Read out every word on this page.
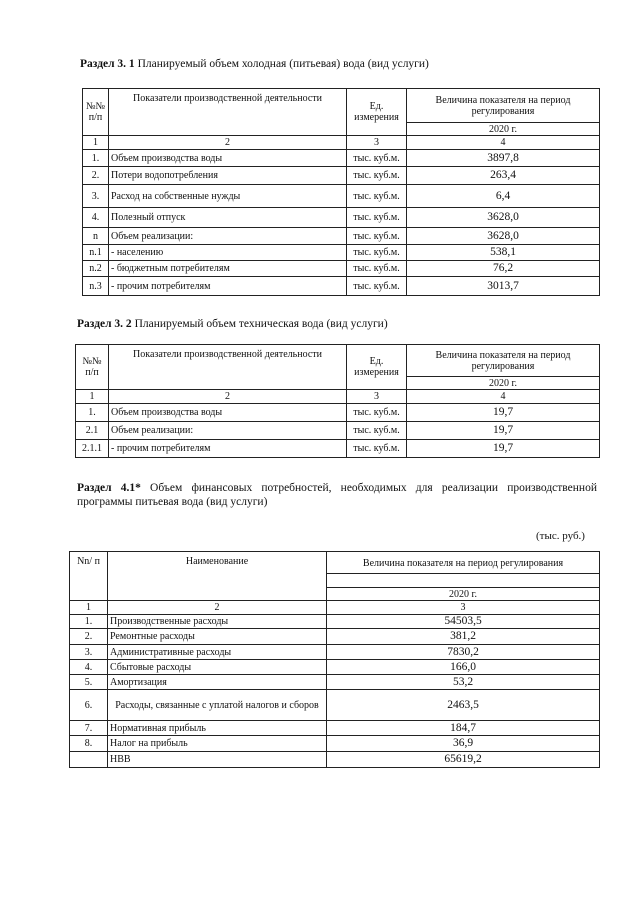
Раздел 3. 1 Планируемый объем холодная (питьевая) вода (вид услуги)
№№ п/п	Показатели производственной деятельности	Ед. измерения	Величина показателя на период регулирования
			2020 г.
1	2	3	4
1.	Объем производства воды	тыс. куб.м.	3897,8
2.	Потери водопотребления	тыс. куб.м.	263,4
3.	Расход на собственные нужды	тыс. куб.м.	6,4
4.	Полезный отпуск	тыс. куб.м.	3628,0
n	Объем реализации:	тыс. куб.м.	3628,0
n.1	- населению	тыс. куб.м.	538,1
n.2	- бюджетным потребителям	тыс. куб.м.	76,2
n.3	- прочим потребителям	тыс. куб.м.	3013,7
Раздел 3. 2 Планируемый объем техническая вода (вид услуги)
№№ п/п	Показатели производственной деятельности	Ед. измерения	Величина показателя на период регулирования
			2020 г.
1	2	3	4
1.	Объем производства воды	тыс. куб.м.	19,7
2.1	Объем реализации:	тыс. куб.м.	19,7
2.1.1	- прочим потребителям	тыс. куб.м.	19,7
Раздел 4.1* Объем финансовых потребностей, необходимых для реализации производственной программы питьевая вода (вид услуги)
(тыс. руб.)
Nn/ п	Наименование	Величина показателя на период регулирования

		2020 г.
1	2	3
1.	Производственные расходы	54503,5
2.	Ремонтные расходы	381,2
3.	Административные расходы	7830,2
4.	Сбытовые расходы	166,0
5.	Амортизация	53,2
6.	Расходы, связанные с уплатой налогов и сборов	2463,5
7.	Нормативная прибыль	184,7
8.	Налог на прибыль	36,9
	НВВ	65619,2
